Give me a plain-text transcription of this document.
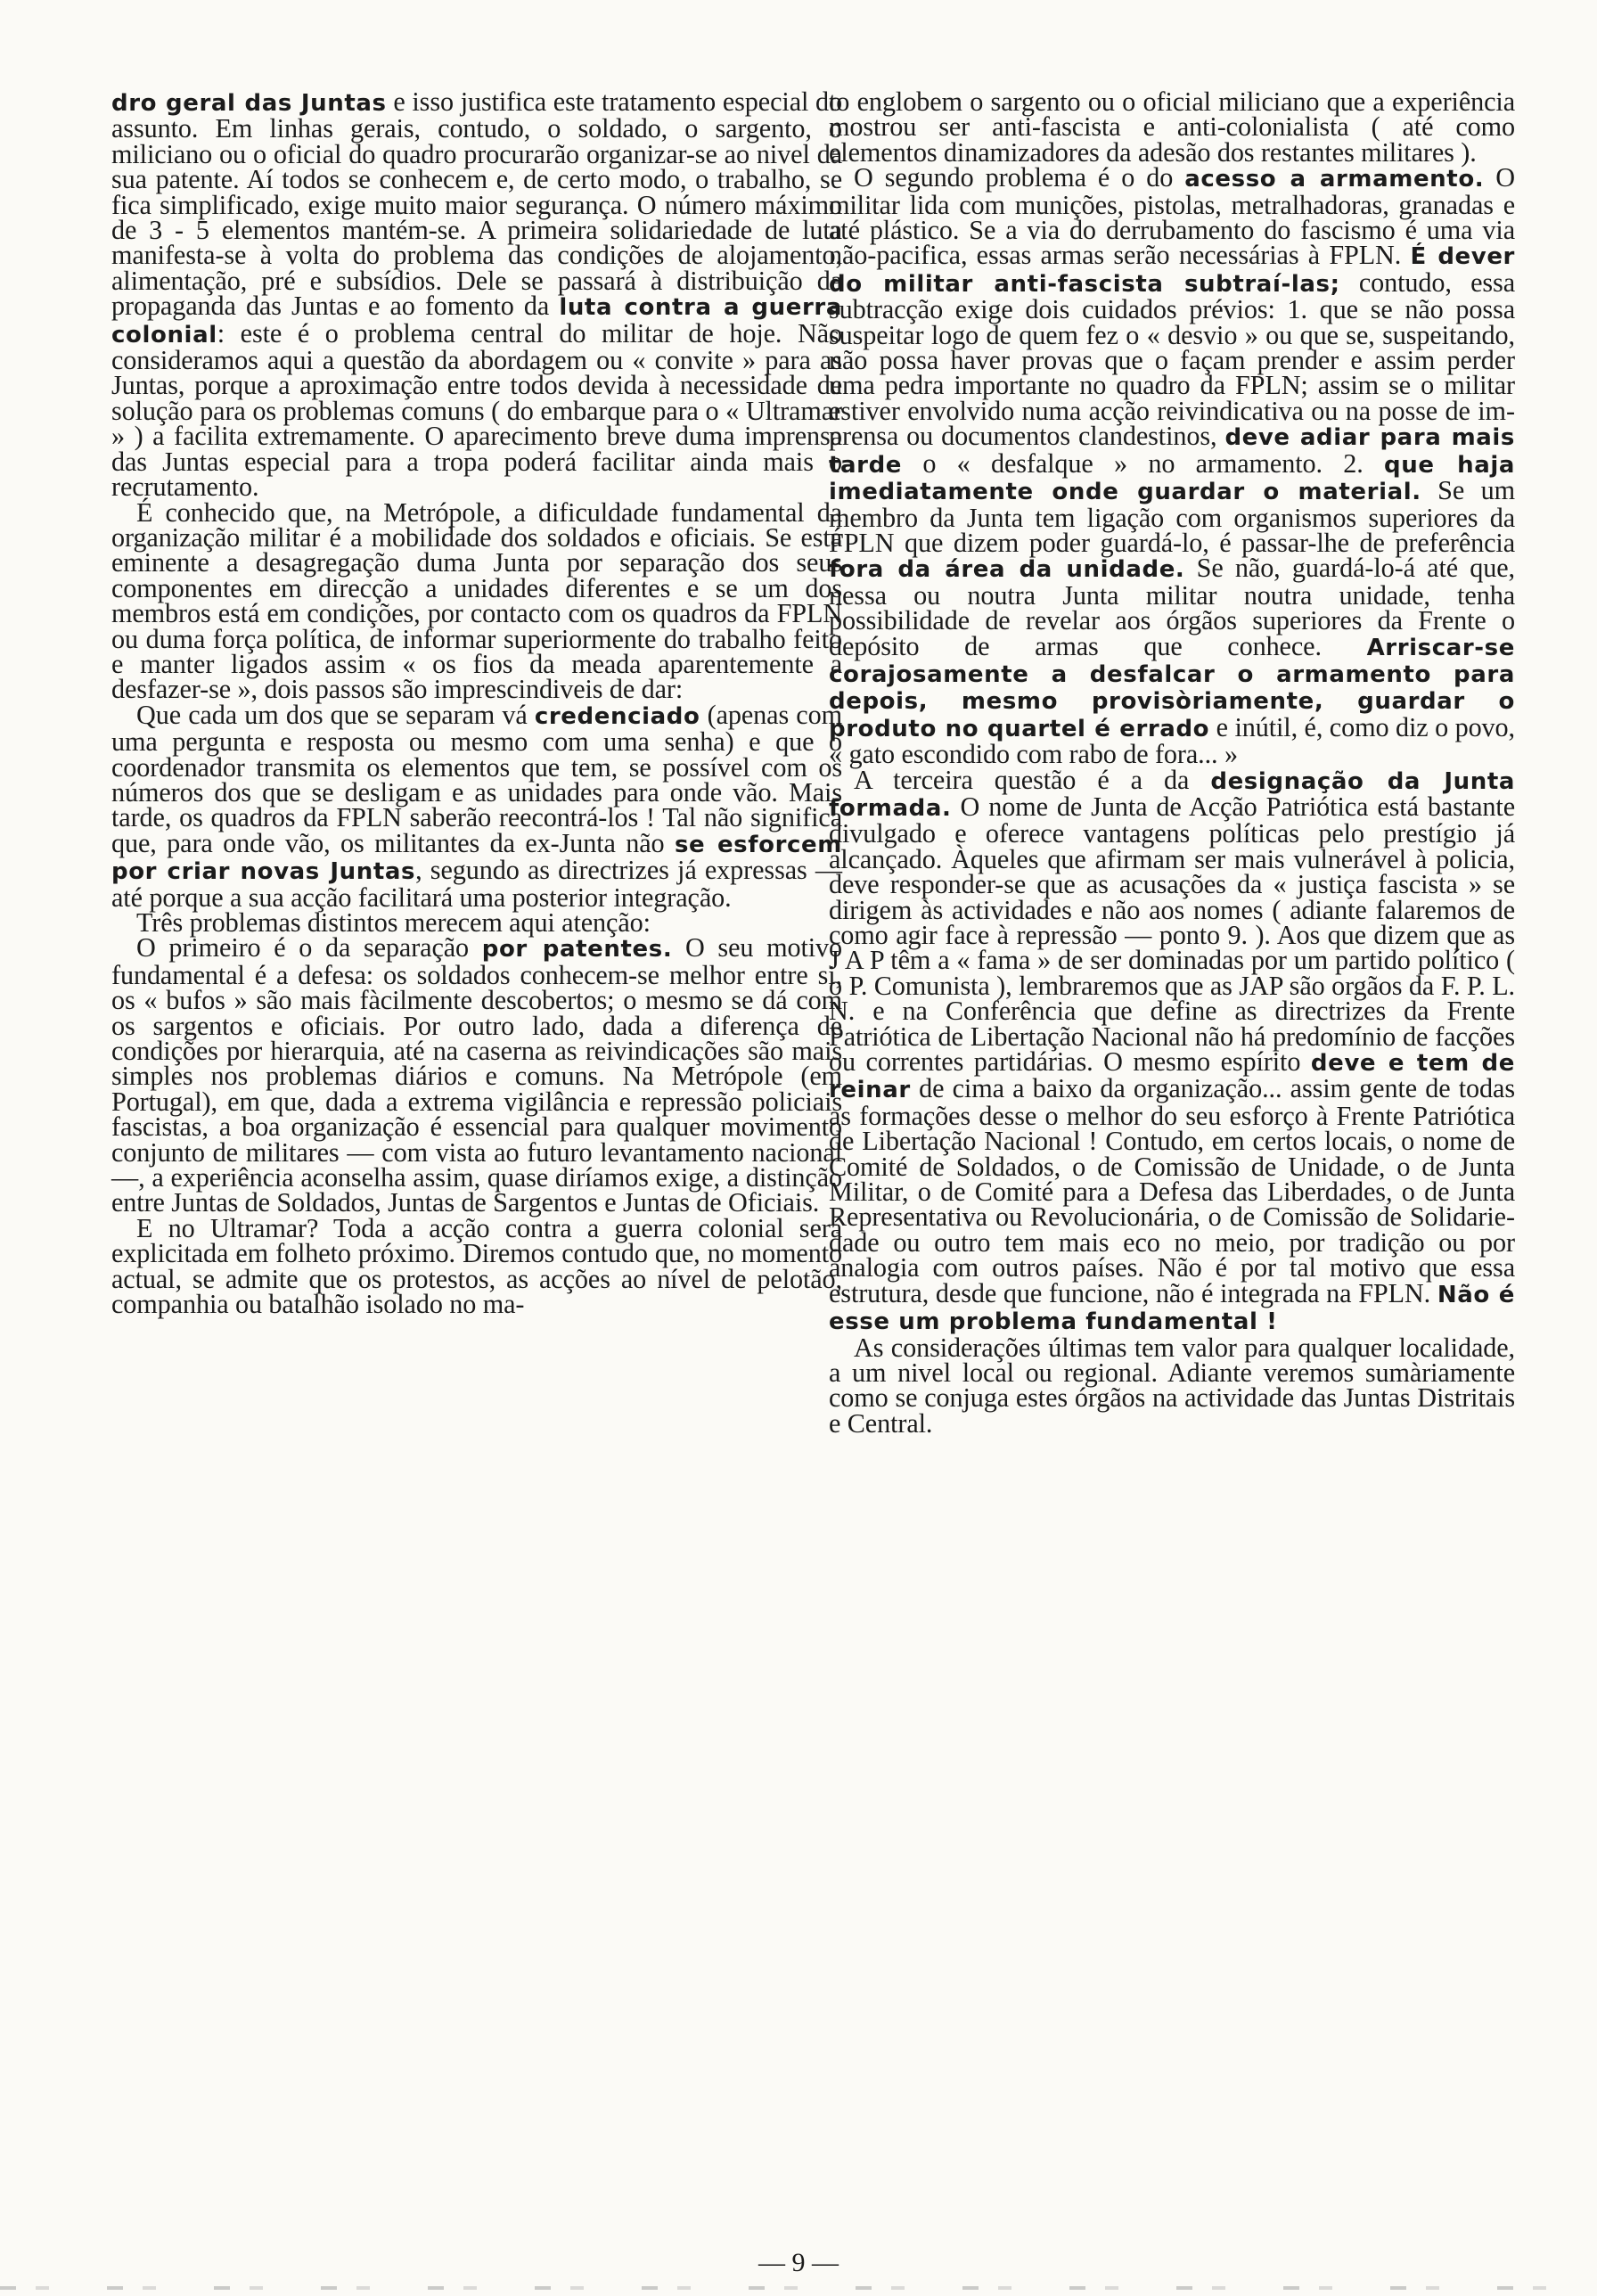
dro geral das Juntas e isso justifica este tratamento especial do assunto. Em linhas gerais, contudo, o soldado, o sargento, o miliciano ou o oficial do quadro procurarão organizar-se ao nivel da sua patente. Aí todos se conhecem e, de certo modo, o trabalho, se fica simplificado, exige muito maior segurança. O número máximo de 3 - 5 elementos mantém-se. A primeira solidariedade de luta manifesta-se à volta do problema das condições de alojamento, alimentação, pré e subsídios. Dele se passará à distribuição da propaganda das Juntas e ao fomento da luta contra a guerra colonial: este é o problema central do militar de hoje. Não consideramos aqui a questão da abordagem ou « convite » para as Juntas, porque a aproximação entre todos devida à necessidade de solução para os problemas comuns ( do embarque para o « Ultramar » ) a facilita extremamente. O aparecimento breve duma imprensa das Juntas especial para a tropa poderá facilitar ainda mais o recrutamento.

É conhecido que, na Metrópole, a dificuldade fundamental da organização militar é a mobilidade dos soldados e oficiais. Se está eminente a desagregação duma Junta por separação dos seus componentes em direcção a unidades diferentes e se um dos membros está em condições, por contacto com os quadros da FPLN ou duma força política, de informar superiormente do trabalho feito e manter ligados assim « os fios da meada aparentemente a desfazer-se », dois passos são imprescindiveis de dar:

Que cada um dos que se separam vá credenciado (apenas com uma pergunta e resposta ou mesmo com uma senha) e que o coordenador transmita os elementos que tem, se possível com os números dos que se desligam e as unidades para onde vão. Mais tarde, os quadros da FPLN saberão reecontrá-los ! Tal não significa que, para onde vão, os militantes da ex-Junta não se esforcem por criar novas Juntas, segundo as directrizes já expressas — até porque a sua acção facilitará uma posterior integração.

Três problemas distintos merecem aqui atenção:

O primeiro é o da separação por patentes. O seu motivo fundamental é a defesa: os soldados conhecem-se melhor entre si, os « bufos » são mais fàcilmente descobertos; o mesmo se dá com os sargentos e oficiais. Por outro lado, dada a diferença de condições por hierarquia, até na caserna as reivindicações são mais simples nos problemas diários e comuns. Na Metrópole (em Portugal), em que, dada a extrema vigilância e repressão policiais fascistas, a boa organização é essencial para qualquer movimento conjunto de militares — com vista ao futuro levantamento nacional —, a experiência aconselha assim, quase diríamos exige, a distinção entre Juntas de Soldados, Juntas de Sargentos e Juntas de Oficiais.

E no Ultramar? Toda a acção contra a guerra colonial será explicitada em folheto próximo. Diremos contudo que, no momento actual, se admite que os protestos, as acções ao nível de pelotão, companhia ou batalhão isolado no ma-

to englobem o sargento ou o oficial miliciano que a experiência mostrou ser anti-fascista e anti-colonialista ( até como elementos dinamizadores da adesão dos restantes militares ).

O segundo problema é o do acesso a armamento. O militar lida com munições, pistolas, metralhadoras, granadas e até plástico. Se a via do derrubamento do fascismo é uma via não-pacifica, essas armas serão necessárias à FPLN. É dever do militar anti-fascista subtraí-las; contudo, essa subtracção exige dois cuidados prévios: 1. que se não possa suspeitar logo de quem fez o « desvio » ou que se, suspeitando, não possa haver provas que o façam prender e assim perder uma pedra importante no quadro da FPLN; assim se o militar estiver envolvido numa acção reivindicativa ou na posse de imprensa ou documentos clandestinos, deve adiar para mais tarde o « desfalque » no armamento. 2. que haja imediatamente onde guardar o material. Se um membro da Junta tem ligação com organismos superiores da FPLN que dizem poder guardá-lo, é passar-lhe de preferência fora da área da unidade. Se não, guardá-lo-á até que, nessa ou noutra Junta militar noutra unidade, tenha possibilidade de revelar aos órgãos superiores da Frente o depósito de armas que conhece. Arriscar-se corajosamente a desfalcar o armamento para depois, mesmo provisòriamente, guardar o produto no quartel é errado e inútil, é, como diz o povo, « gato escondido com rabo de fora... »

A terceira questão é a da designação da Junta formada. O nome de Junta de Acção Patriótica está bastante divulgado e oferece vantagens políticas pelo prestígio já alcançado. Àqueles que afirmam ser mais vulnerável à policia, deve responder-se que as acusações da « justiça fascista » se dirigem às actividades e não aos nomes ( adiante falaremos de como agir face à repressão — ponto 9. ). Aos que dizem que as J A P têm a « fama » de ser dominadas por um partido político ( o P. Comunista ), lembraremos que as JAP são orgãos da F. P. L. N. e na Conferência que define as directrizes da Frente Patriótica de Libertação Nacional não há predomínio de facções ou correntes partidárias. O mesmo espírito deve e tem de reinar de cima a baixo da organização... assim gente de todas as formações desse o melhor do seu esforço à Frente Patriótica de Libertação Nacional ! Contudo, em certos locais, o nome de Comité de Soldados, o de Comissão de Unidade, o de Junta Militar, o de Comité para a Defesa das Liberdades, o de Junta Representativa ou Revolucionária, o de Comissão de Solidariedade ou outro tem mais eco no meio, por tradição ou por analogia com outros países. Não é por tal motivo que essa estrutura, desde que funcione, não é integrada na FPLN. Não é esse um problema fundamental !

As considerações últimas tem valor para qualquer localidade, a um nivel local ou regional. Adiante veremos sumàriamente como se conjuga estes órgãos na actividade das Juntas Distritais e Central.

— 9 —
